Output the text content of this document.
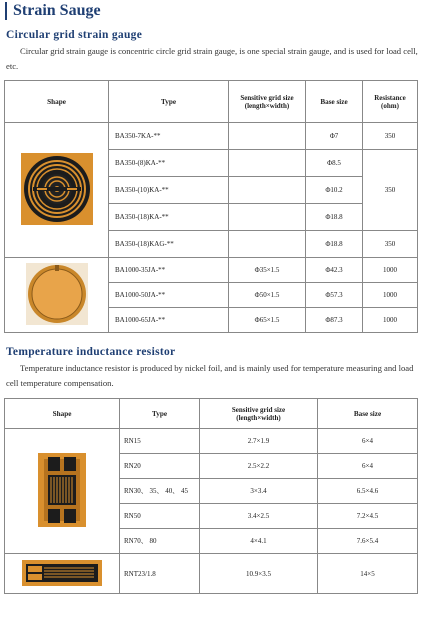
Strain Sauge
Circular grid strain gauge
Circular grid strain gauge is concentric circle grid strain gauge, is one special strain gauge, and is used for load cell, etc.
Shape	Type	Sensitive grid size
(length×width)	Base size	Resistance
(ohm)

	BA350-7KA-**		Φ7	350
	BA350-(8)KA-**		Φ8.5	350
	BA350-(10)KA-**		Φ10.2	
	BA350-(18)KA-**		Φ18.8	
	BA350-(18)KAG-**		Φ18.8	350
	BA1000-35JA-**	Φ35×1.5	Φ42.3	1000
	BA1000-50JA-**	Φ50×1.5	Φ57.3	1000
	BA1000-65JA-**	Φ65×1.5	Φ87.3	1000
Temperature inductance resistor
Temperature inductance resistor is produced by nickel foil, and is mainly used for temperature measuring and load cell temperature compensation.
Shape	Type	Sensitive grid size
(length×width)	Base size
	RN15	2.7×1.9	6×4
	RN20	2.5×2.2	6×4
	RN30、 35、 40、 45	3×3.4	6.5×4.6
	RN50	3.4×2.5	7.2×4.5
	RN70、 80	4×4.1	7.6×5.4
	RNT23/1.8	10.9×3.5	14×5
